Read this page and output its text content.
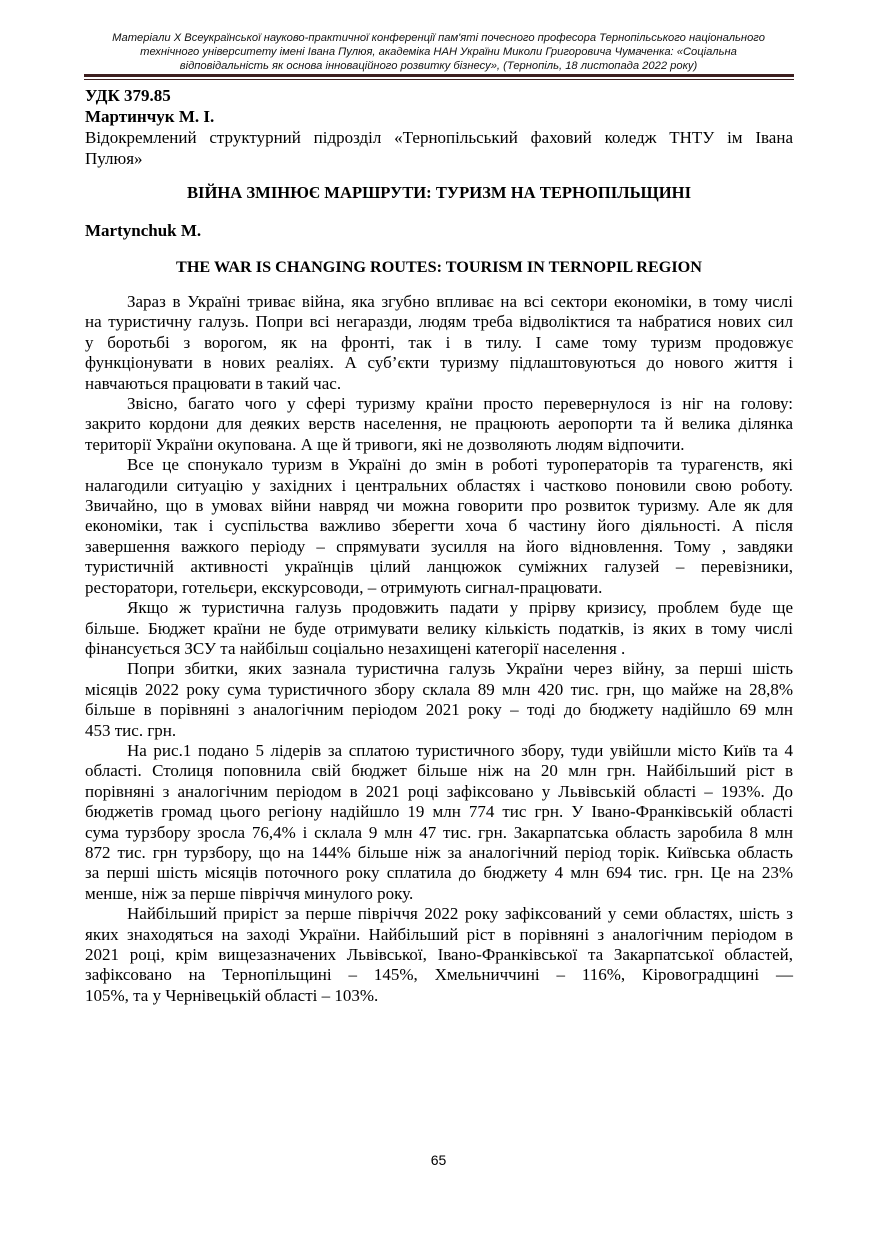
Матеріали Х Всеукраїнської науково-практичної конференції пам'яті почесного професора Тернопільського національного
технічного університету імені Івана Пулюя, академіка НАН України Миколи Григоровича Чумаченка: «Соціальна
відповідальність як основа інноваційного розвитку бізнесу», (Тернопіль, 18 листопада 2022 року)
УДК 379.85
Мартинчук М. І.
Відокремлений структурний підрозділ «Тернопільський фаховий коледж ТНТУ ім Івана
Пулюя»
ВІЙНА ЗМІНЮЄ МАРШРУТИ: ТУРИЗМ НА ТЕРНОПІЛЬЩИНІ
Martynchuk M.
THE WAR IS CHANGING ROUTES: TOURISM IN TERNOPIL REGION
Зараз в Україні триває війна, яка згубно впливає на всі сектори економіки, в тому числі
на туристичну галузь. Попри всі негаразди, людям треба відволіктися та набратися нових сил
у боротьбі з ворогом, як на фронті, так і в тилу. І саме тому туризм продовжує
функціонувати в нових реаліях. А суб’єкти туризму підлаштовуються до нового життя і
навчаються працювати в такий час.
Звісно, багато чого у сфері туризму країни просто перевернулося із ніг на голову:
закрито кордони для деяких верств населення, не працюють аеропорти та й велика ділянка
території України окупована. А ще й тривоги, які не дозволяють людям відпочити.
Все це спонукало туризм в Україні до змін в роботі туроператорів та турагенств, які
налагодили ситуацію у західних і центральних областях і частково поновили свою роботу.
Звичайно, що в умовах війни навряд чи можна говорити про розвиток туризму. Але як для
економіки, так і суспільства важливо зберегти хоча б частину його діяльності. А після
завершення важкого періоду – спрямувати зусилля на його відновлення. Тому , завдяки
туристичній активності українців цілий ланцюжок суміжних галузей – перевізники,
ресторатори, готельєри, екскурсоводи, – отримують сигнал-працювати.
Якщо ж туристична галузь продовжить падати у прірву кризису, проблем буде ще
більше. Бюджет країни не буде отримувати велику кількість податків, із яких в тому числі
фінансується ЗСУ та найбільш соціально незахищені категорії населення .
Попри збитки, яких зазнала туристична галузь України через війну, за перші шість
місяців 2022 року сума туристичного збору склала 89 млн 420 тис. грн, що майже на 28,8%
більше в порівняні з аналогічним періодом 2021 року – тоді до бюджету надійшло 69 млн
453 тис. грн.
На рис.1 подано 5 лідерів за сплатою туристичного збору, туди увійшли місто Київ та 4
області. Столиця поповнила свій бюджет більше ніж на 20 млн грн. Найбільший ріст в
порівняні з аналогічним періодом в 2021 році зафіксовано у Львівській області – 193%. До
бюджетів громад цього регіону надійшло 19 млн 774 тис грн. У Івано-Франківській області
сума турзбору зросла 76,4% і склала 9 млн 47 тис. грн. Закарпатська область заробила 8 млн
872 тис. грн турзбору, що на 144% більше ніж за аналогічний період торік. Київська область
за перші шість місяців поточного року сплатила до бюджету 4 млн 694 тис. грн. Це на 23%
менше, ніж за перше півріччя минулого року.
Найбільший приріст за перше півріччя 2022 року зафіксований у семи областях, шість з
яких знаходяться на заході України. Найбільший ріст в порівняні з аналогічним періодом в
2021 році, крім вищезазначених Львівської, Івано-Франківської та Закарпатської областей,
зафіксовано на Тернопільщині – 145%, Хмельниччині – 116%, Кіровоградщині —
105%, та у Чернівецькій області – 103%.
65
